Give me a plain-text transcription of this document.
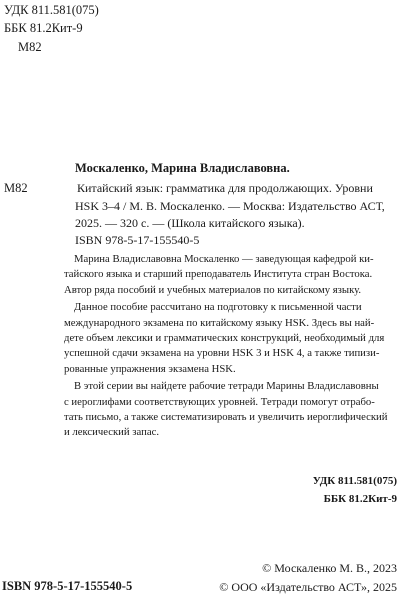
УДК 811.581(075)
ББК 81.2Кит-9
M82
Москаленко, Марина Владиславовна.
M82	Китайский язык: грамматика для продолжающих. Уровни
HSK 3–4 / М. В. Москаленко. — Москва: Издательство АСТ,
2025. — 320 с. — (Школа китайского языка).
ISBN 978-5-17-155540-5
Марина Владиславовна Москаленко — заведующая кафедрой ки-
тайского языка и старший преподаватель Института стран Востока.
Автор ряда пособий и учебных материалов по китайскому языку.
Данное пособие рассчитано на подготовку к письменной части
международного экзамена по китайскому языку HSK. Здесь вы най-
дете объем лексики и грамматических конструкций, необходимый для
успешной сдачи экзамена на уровни HSK 3 и HSK 4, а также типизи-
рованные упражнения экзамена HSK.
В этой серии вы найдете рабочие тетради Марины Владиславовны
с иероглифами соответствующих уровней. Тетради помогут отрабо-
тать письмо, а также систематизировать и увеличить иероглифический
и лексический запас.
УДК 811.581(075)
ББК 81.2Кит-9
ISBN 978-5-17-155540-5
© Москаленко М. В., 2023
© ООО «Издательство АСТ», 2025
